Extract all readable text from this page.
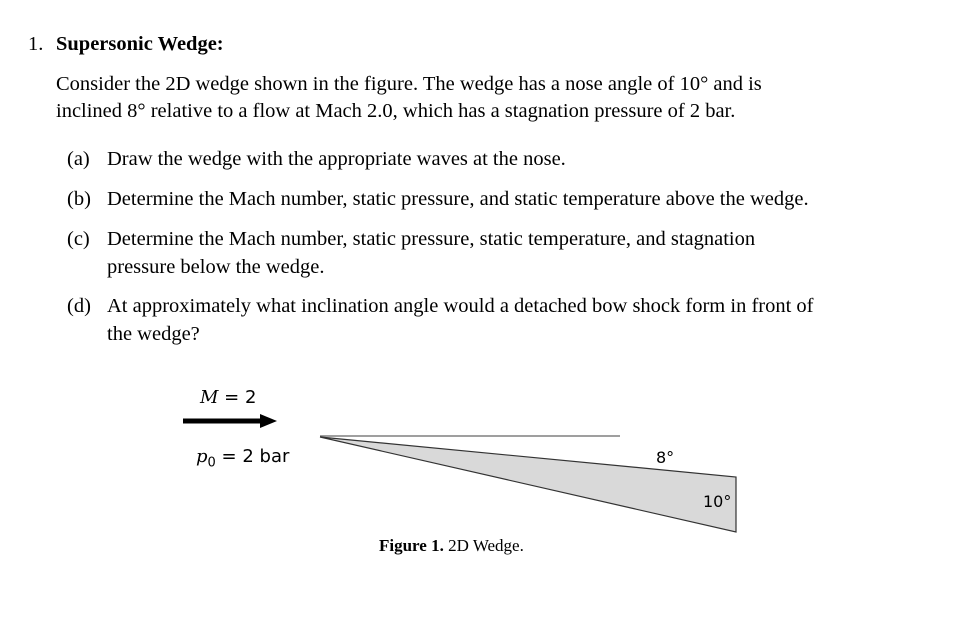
1. Supersonic Wedge:
Consider the 2D wedge shown in the figure. The wedge has a nose angle of 10° and is
inclined 8° relative to a flow at Mach 2.0, which has a stagnation pressure of 2 bar.
(a) Draw the wedge with the appropriate waves at the nose.
(b) Determine the Mach number, static pressure, and static temperature above the wedge.
(c) Determine the Mach number, static pressure, static temperature, and stagnation
pressure below the wedge.
(d) At approximately what inclination angle would a detached bow shock form in front of
the wedge?
M = 2
$p_0 = 2$ bar	8°
10°
Figure 1. 2D Wedge.
